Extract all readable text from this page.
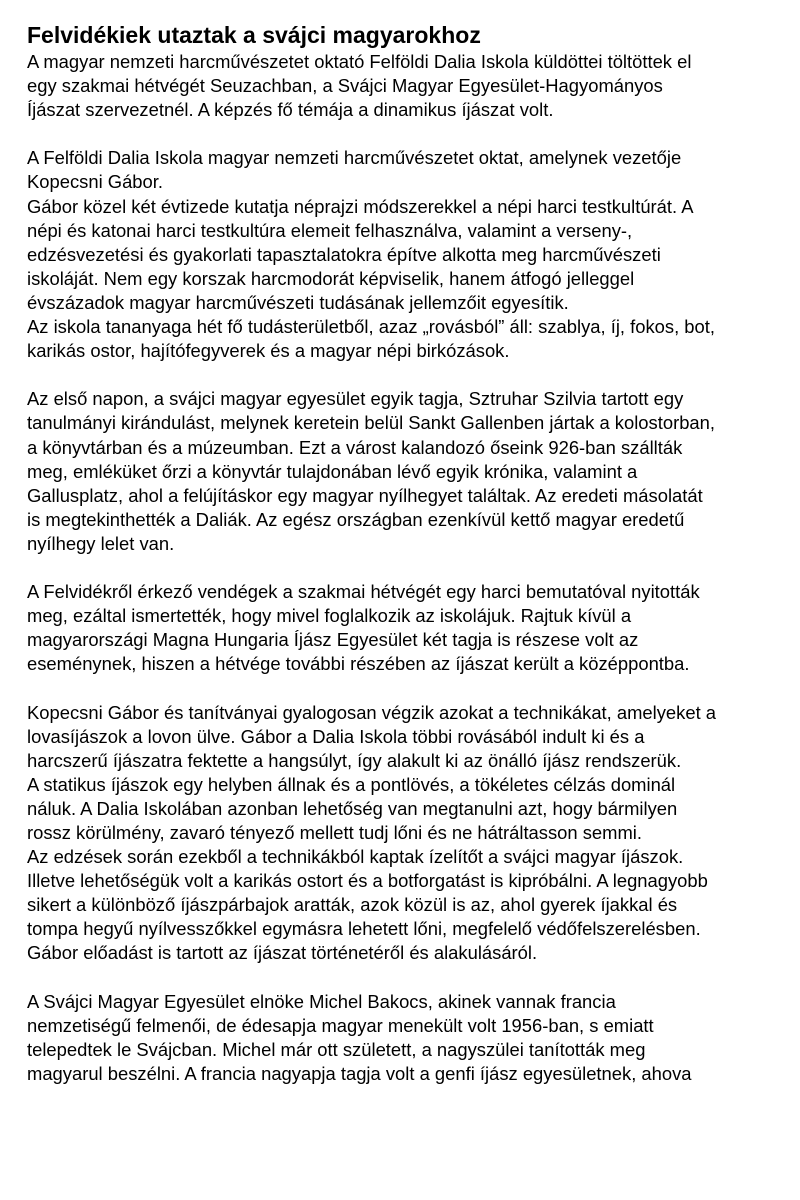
Felvidékiek utaztak a svájci magyarokhoz
A magyar nemzeti harcművészetet oktató Felföldi Dalia Iskola küldöttei töltöttek el
egy szakmai hétvégét Seuzachban, a Svájci Magyar Egyesület-Hagyományos
Íjászat szervezetnél. A képzés fő témája a dinamikus íjászat volt.
A Felföldi Dalia Iskola magyar nemzeti harcművészetet oktat, amelynek vezetője
Kopecsni Gábor.
Gábor közel két évtizede kutatja néprajzi módszerekkel a népi harci testkultúrát. A
népi és katonai harci testkultúra elemeit felhasználva, valamint a verseny-,
edzésvezetési és gyakorlati tapasztalatokra építve alkotta meg harcművészeti
iskoláját. Nem egy korszak harcmodorát képviselik, hanem átfogó jelleggel
évszázadok magyar harcművészeti tudásának jellemzőit egyesítik.
Az iskola tananyaga hét fő tudásterületből, azaz „rovásból” áll: szablya, íj, fokos, bot,
karikás ostor, hajítófegyverek és a magyar népi birkózások.
Az első napon, a svájci magyar egyesület egyik tagja, Sztruhar Szilvia tartott egy
tanulmányi kirándulást, melynek keretein belül Sankt Gallenben jártak a kolostorban,
a könyvtárban és a múzeumban. Ezt a várost kalandozó őseink 926-ban szállták
meg, emléküket őrzi a könyvtár tulajdonában lévő egyik krónika, valamint a
Gallusplatz, ahol a felújításkor egy magyar nyílhegyet találtak. Az eredeti másolatát
is megtekinthették a Daliák. Az egész országban ezenkívül kettő magyar eredetű
nyílhegy lelet van.
A Felvidékről érkező vendégek a szakmai hétvégét egy harci bemutatóval nyitották
meg, ezáltal ismertették, hogy mivel foglalkozik az iskolájuk. Rajtuk kívül a
magyarországi Magna Hungaria Íjász Egyesület két tagja is részese volt az
eseménynek, hiszen a hétvége további részében az íjászat került a középpontba.
Kopecsni Gábor és tanítványai gyalogosan végzik azokat a technikákat, amelyeket a
lovasíjászok a lovon ülve. Gábor a Dalia Iskola többi rovásából indult ki és a
harcszerű íjászatra fektette a hangsúlyt, így alakult ki az önálló íjász rendszerük.
A statikus íjászok egy helyben állnak és a pontlövés, a tökéletes célzás dominál
náluk. A Dalia Iskolában azonban lehetőség van megtanulni azt, hogy bármilyen
rossz körülmény, zavaró tényező mellett tudj lőni és ne hátráltasson semmi.
Az edzések során ezekből a technikákból kaptak ízelítőt a svájci magyar íjászok.
Illetve lehetőségük volt a karikás ostort és a botforgatást is kipróbálni. A legnagyobb
sikert a különböző íjászpárbajok aratták, azok közül is az, ahol gyerek íjakkal és
tompa hegyű nyílvesszőkkel egymásra lehetett lőni, megfelelő védőfelszerelésben.
Gábor előadást is tartott az íjászat történetéről és alakulásáról.
A Svájci Magyar Egyesület elnöke Michel Bakocs, akinek vannak francia
nemzetiségű felmenői, de édesapja magyar menekült volt 1956-ban, s emiatt
telepedtek le Svájcban. Michel már ott született, a nagyszülei tanították meg
magyarul beszélni. A francia nagyapja tagja volt a genfi íjász egyesületnek, ahova
